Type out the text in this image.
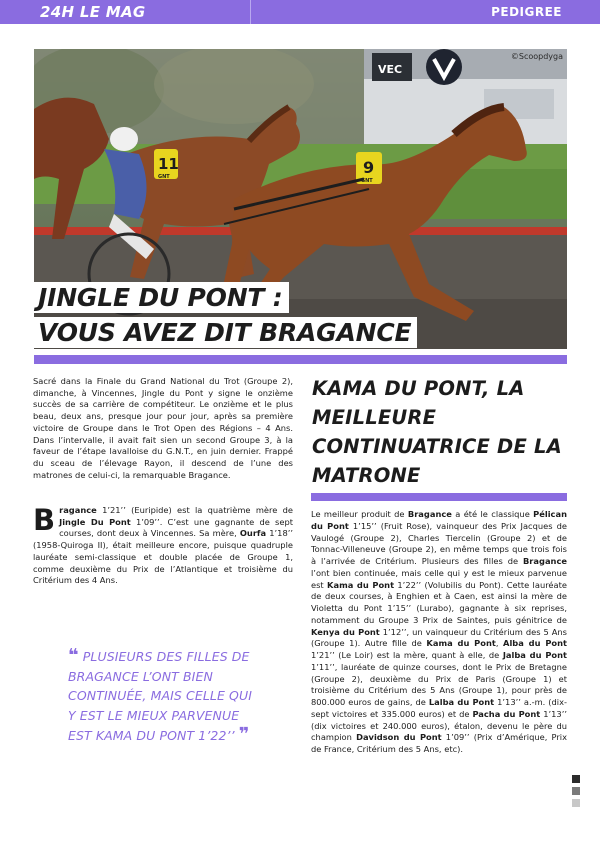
24H LE MAG	PEDIGREE
VEC
11
GNT	9
GNT
©Scoopdyga
JINGLE DU PONT :
VOUS AVEZ DIT BRAGANCE

Sacré dans la Finale du Grand National du Trot (Groupe 2), dimanche, à Vincennes, Jingle du Pont y signe le onzième succès de sa carrière de compétiteur. Le onzième et le plus beau, deux ans, presque jour pour jour, après sa première victoire de Groupe dans le Trot Open des Régions – 4 Ans. Dans l’intervalle, il avait fait sien un second Groupe 3, à la faveur de l’étape lavalloise du G.N.T., en juin dernier. Frappé du sceau de l’élevage Rayon, il descend de l’une des matrones de celui-ci, la remarquable Bragance.

Bragance 1’21’’ (Euripide) est la quatrième mère de Jingle Du Pont 1’09’’. C’est une gagnante de sept courses, dont deux à Vincennes. Sa mère, Ourfa 1’18’’ (1958-Quiroga II), était meilleure encore, puisque quadruple lauréate semi-classique et double placée de Groupe 1, comme deuxième du Prix de l’Atlantique et troisième du Critérium des 4 Ans.

❝ PLUSIEURS DES FILLES DE BRAGANCE L’ONT BIEN CONTINUÉE, MAIS CELLE QUI Y EST LE MIEUX PARVENUE EST KAMA DU PONT 1’22’’ ❞
KAMA DU PONT, LA MEILLEURE CONTINUATRICE DE LA MATRONE

Le meilleur produit de Bragance a été le classique Pélican du Pont 1’15’’ (Fruit Rose), vainqueur des Prix Jacques de Vaulogé (Groupe 2), Charles Tiercelin (Groupe 2) et de Tonnac-Villeneuve (Groupe 2), en même temps que trois fois à l’arrivée de Critérium. Plusieurs des filles de Bragance l’ont bien continuée, mais celle qui y est le mieux parvenue est Kama du Pont 1’22’’ (Volubilis du Pont). Cette lauréate de deux courses, à Enghien et à Caen, est ainsi la mère de Violetta du Pont 1’15’’ (Lurabo), gagnante à six reprises, notamment du Groupe 3 Prix de Saintes, puis génitrice de Kenya du Pont 1’12’’, un vainqueur du Critérium des 5 Ans (Groupe 1). Autre fille de Kama du Pont, Alba du Pont 1’21’’ (Le Loir) est la mère, quant à elle, de Jalba du Pont 1’11’’, lauréate de quinze courses, dont le Prix de Bretagne (Groupe 2), deuxième du Prix de Paris (Groupe 1) et troisième du Critérium des 5 Ans (Groupe 1), pour près de 800.000 euros de gains, de Lalba du Pont 1’13’’ a.-m. (dix-sept victoires et 335.000 euros) et de Pacha du Pont 1’13’’ (dix victoires et 240.000 euros), étalon, devenu le père du champion Davidson du Pont 1’09’’ (Prix d’Amérique, Prix de France, Critérium des 5 Ans, etc).
